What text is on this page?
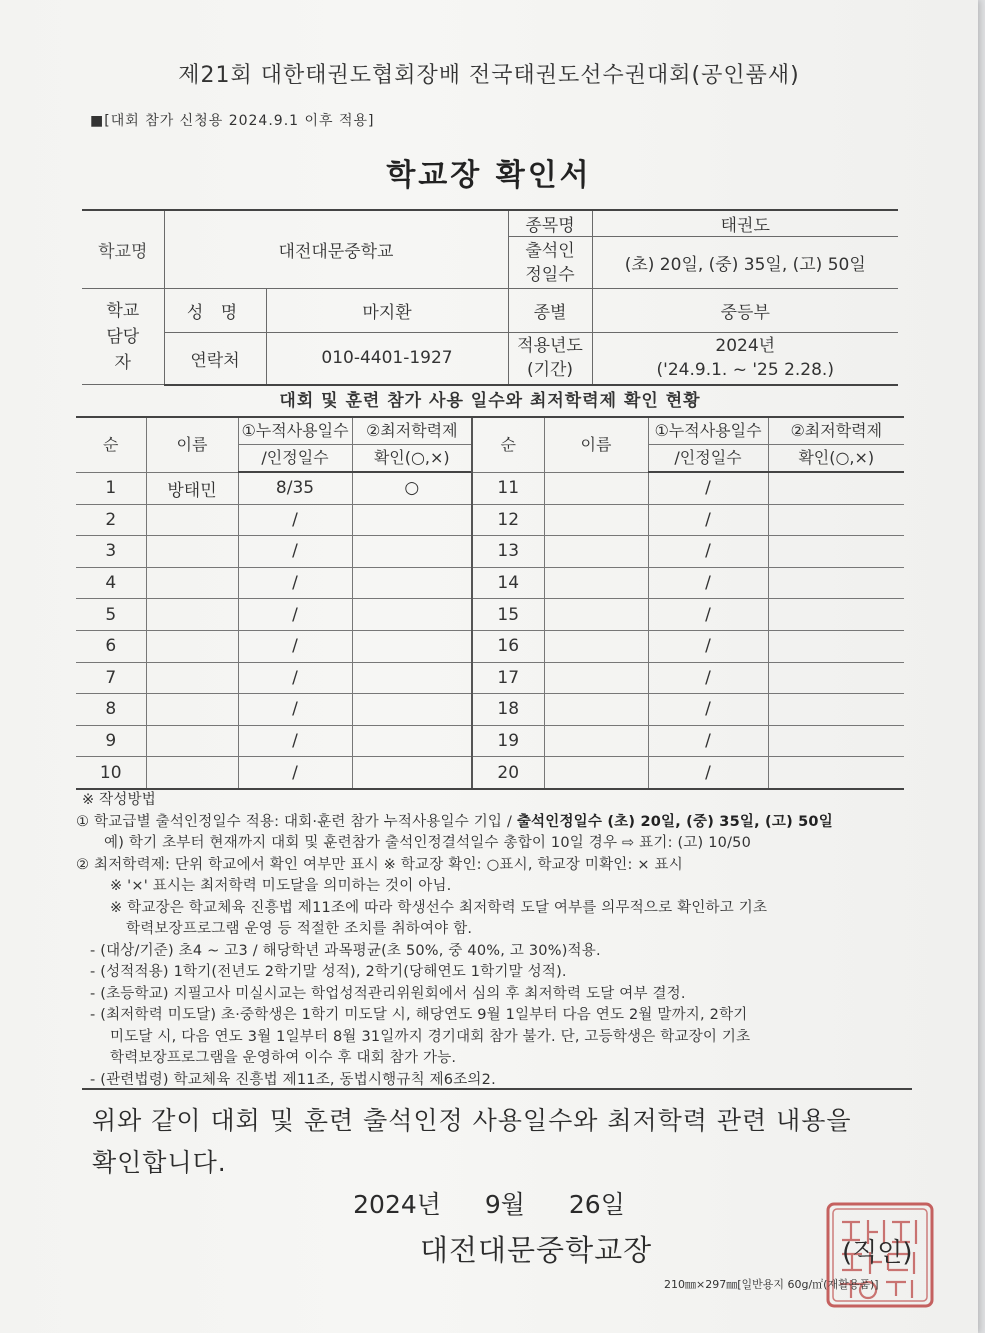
제21회 대한태권도협회장배 전국태권도선수권대회(공인품새)
■[대회 참가 신청용 2024.9.1 이후 적용]
학교장 확인서
학교명	대전대문중학교		종목명	태권도

			출석인정일수	(초) 20일, (중) 35일, (고) 50일

학교담당자	성 명	마지환	종별	중등부
	연락처	010-4401-1927	적용년도(기간)	2024년
('24.9.1. ~ '25 2.28.)
대회 및 훈련 참가 사용 일수와 최저학력제 확인 현황
순	이름	①누적사용일수	②최저학력제	순	이름	①누적사용일수	②최저학력제
		/인정일수	확인(○,×)			/인정일수	확인(○,×)
1	방태민	8/35	○	11		/	
2		/		12		/	
3		/		13		/	
4		/		14		/	
5		/		15		/	
6		/		16		/	
7		/		17		/	
8		/		18		/	
9		/		19		/	
10		/		20		/	
※ 작성방법
① 학교급별 출석인정일수 적용: 대회·훈련 참가 누적사용일수 기입 / 출석인정일수 (초) 20일, (중) 35일, (고) 50일
예) 학기 초부터 현재까지 대회 및 훈련참가 출석인정결석일수 총합이 10일 경우 ⇨ 표기: (고) 10/50
② 최저학력제: 단위 학교에서 확인 여부만 표시 ※ 학교장 확인: ○표시, 학교장 미확인: × 표시
※ '×' 표시는 최저학력 미도달을 의미하는 것이 아님.
※ 학교장은 학교체육 진흥법 제11조에 따라 학생선수 최저학력 도달 여부를 의무적으로 확인하고 기초
학력보장프로그램 운영 등 적절한 조치를 취하여야 함.
- (대상/기준) 초4 ~ 고3 / 해당학년 과목평균(초 50%, 중 40%, 고 30%)적용.
- (성적적용) 1학기(전년도 2학기말 성적), 2학기(당해연도 1학기말 성적).
- (초등학교) 지필고사 미실시교는 학업성적관리위원회에서 심의 후 최저학력 도달 여부 결정.
- (최저학력 미도달) 초·중학생은 1학기 미도달 시, 해당연도 9월 1일부터 다음 연도 2월 말까지, 2학기
미도달 시, 다음 연도 3월 1일부터 8월 31일까지 경기대회 참가 불가. 단, 고등학생은 학교장이 기초
학력보장프로그램을 운영하여 이수 후 대회 참가 가능.
- (관련법령) 학교체육 진흥법 제11조, 동법시행규칙 제6조의2.
위와 같이 대회 및 훈련 출석인정 사용일수와 최저학력 관련 내용을
확인합니다.
2024년 9월 26일
대전대문중학교장	(직인)
210㎜×297㎜[일반용지 60g/㎡(재활용품)]
